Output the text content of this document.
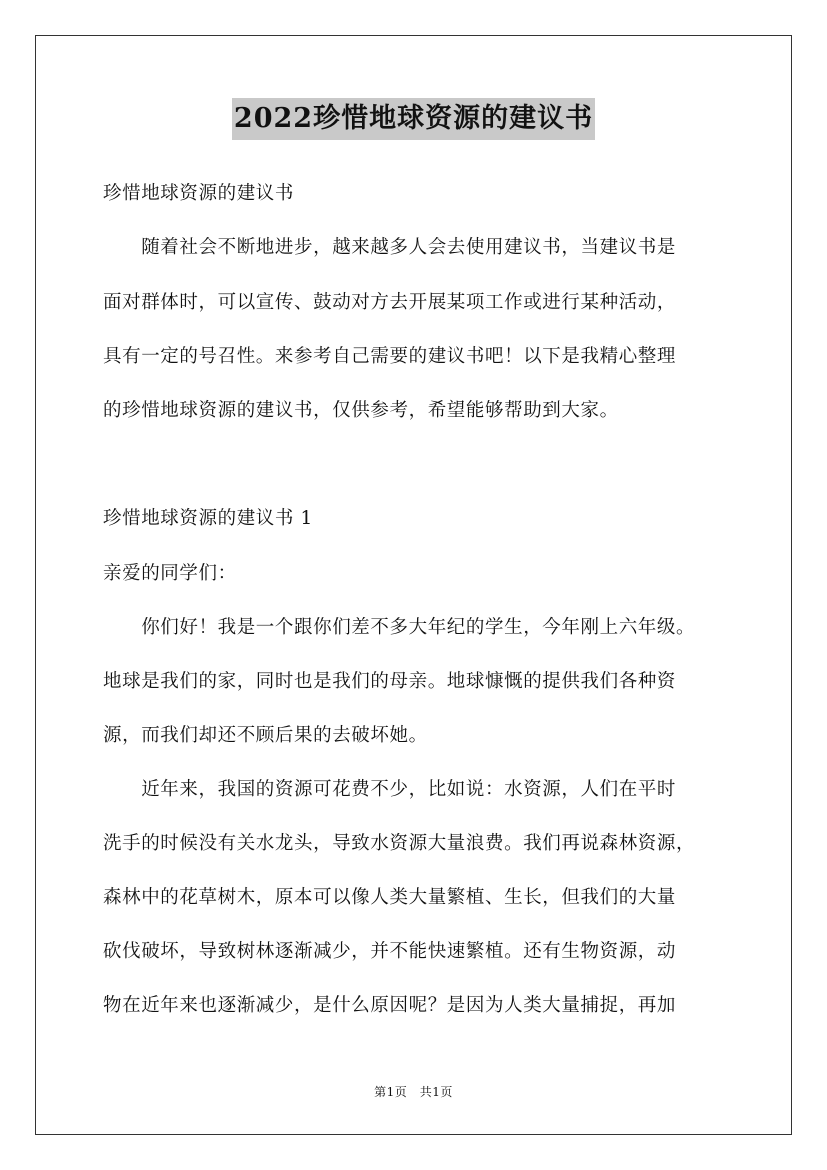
2022珍惜地球资源的建议书
珍惜地球资源的建议书
　　随着社会不断地进步，越来越多人会去使用建议书，当建议书是
面对群体时，可以宣传、鼓动对方去开展某项工作或进行某种活动，
具有一定的号召性。来参考自己需要的建议书吧！以下是我精心整理
的珍惜地球资源的建议书，仅供参考，希望能够帮助到大家。
珍惜地球资源的建议书 1
亲爱的同学们：
　　你们好！我是一个跟你们差不多大年纪的学生，今年刚上六年级。
地球是我们的家，同时也是我们的母亲。地球慷慨的提供我们各种资
源，而我们却还不顾后果的去破坏她。
　　近年来，我国的资源可花费不少，比如说：水资源，人们在平时
洗手的时候没有关水龙头，导致水资源大量浪费。我们再说森林资源，
森林中的花草树木，原本可以像人类大量繁植、生长，但我们的大量
砍伐破坏，导致树林逐渐减少，并不能快速繁植。还有生物资源，动
物在近年来也逐渐减少，是什么原因呢？是因为人类大量捕捉，再加
第1页　共1页
